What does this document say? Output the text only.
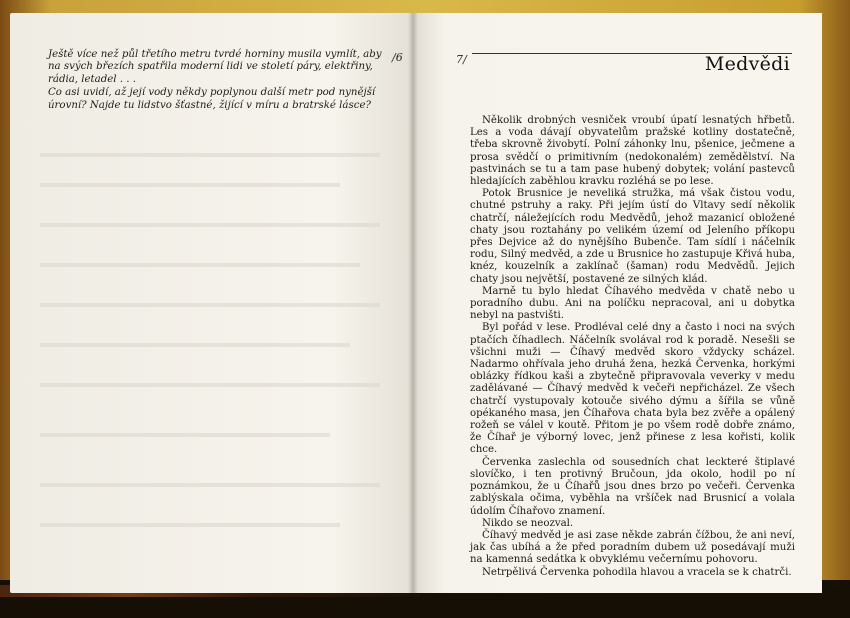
Ještě více než půl třetího metru tvrdé horniny musila vymlít, aby na svých březích spatřila moderní lidi ve století páry, elektřiny, rádia, letadel . . .

Co asi uvidí, až její vody někdy poplynou další metr pod nynější úrovní? Najde tu lidstvo šťastné, žijící v míru a bratrské lásce?

/6	7/	Medvědi

Několik drobných vesniček vroubí úpatí lesnatých hřbetů. Les a voda dávají obyvatelům pražské kotliny dostatečně, třeba skrovně živobytí. Polní záhonky lnu, pšenice, ječmene a prosa svědčí o primitivním (nedokonalém) zemědělství. Na pastvinách se tu a tam pase hubený dobytek; volání pastevců hledajících zaběhlou kravku rozléhá se po lese.

Potok Brusnice je neveliká stružka, má však čistou vodu, chutné pstruhy a raky. Při jejím ústí do Vltavy sedí několik chatrčí, náležejících rodu Medvědů, jehož mazanicí obložené chaty jsou roztahány po velikém území od Jeleního příkopu přes Dejvice až do nynějšího Bubenče. Tam sídlí i náčelník rodu, Silný medvěd, a zde u Brusnice ho zastupuje Křivá huba, knéz, kouzelník a zaklínač (šaman) rodu Medvědů. Jejich chaty jsou největší, postavené ze silných klád.

Marně tu bylo hledat Číhavého medvěda v chatě nebo u poradního dubu. Ani na políčku nepracoval, ani u dobytka nebyl na pastvišti.

Byl pořád v lese. Prodléval celé dny a často i noci na svých ptačích číhadlech. Náčelník svolával rod k poradě. Nesešli se všichni muži — Číhavý medvěd skoro vždycky scházel. Nadarmo ohřívala jeho druhá žena, hezká Červenka, horkými oblázky řídkou kaši a zbytečně připravovala veverky v medu zadělávané — Číhavý medvěd k večeři nepřicházel. Ze všech chatrčí vystupovaly kotouče sivého dýmu a šířila se vůně opékaného masa, jen Číhařova chata byla bez zvěře a opálený rožeň se válel v koutě. Přitom je po všem rodě dobře známo, že Číhař je výborný lovec, jenž přinese z lesa kořisti, kolik chce.

Červenka zaslechla od sousedních chat leckteré štiplavé slovíčko, i ten protivný Bručoun, jda okolo, hodil po ní poznámkou, že u Číhařů jsou dnes brzo po večeři. Červenka zablýskala očima, vyběhla na vršíček nad Brusnicí a volala údolím Číhařovo znamení.

Nikdo se neozval.

Číhavý medvěd je asi zase někde zabrán čížbou, že ani neví, jak čas ubíhá a že před poradním dubem už posedávají muži na kamenná sedátka k obvyklému večernímu pohovoru.

Netrpělivá Červenka pohodila hlavou a vracela se k chatrči.
